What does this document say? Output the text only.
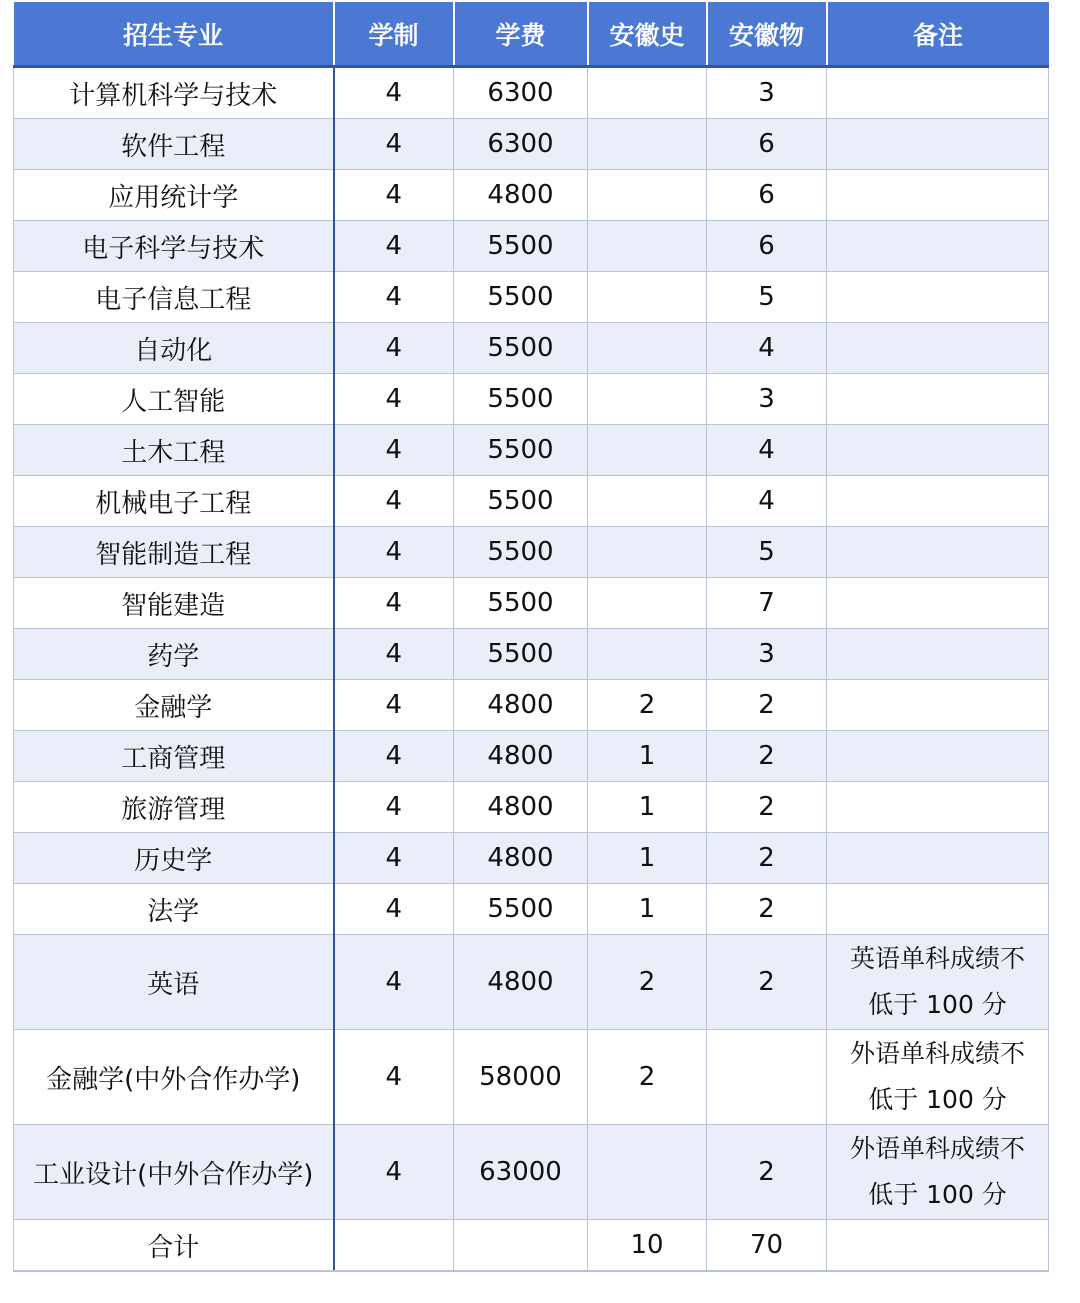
招生专业	学制	学费	安徽史	安徽物	备注
计算机科学与技术	4	6300		3	
软件工程	4	6300		6	
应用统计学	4	4800		6	
电子科学与技术	4	5500		6	
电子信息工程	4	5500		5	
自动化	4	5500		4	
人工智能	4	5500		3	
土木工程	4	5500		4	
机械电子工程	4	5500		4	
智能制造工程	4	5500		5	
智能建造	4	5500		7	
药学	4	5500		3	
金融学	4	4800	2	2	
工商管理	4	4800	1	2	
旅游管理	4	4800	1	2	
历史学	4	4800	1	2	
法学	4	5500	1	2	
英语	4	4800	2	2	英语单科成绩不
低于 100 分

金融学(中外合作办学)	4	58000	2		外语单科成绩不
低于 100 分

工业设计(中外合作办学)	4	63000		2	外语单科成绩不
低于 100 分

合计			10	70	
